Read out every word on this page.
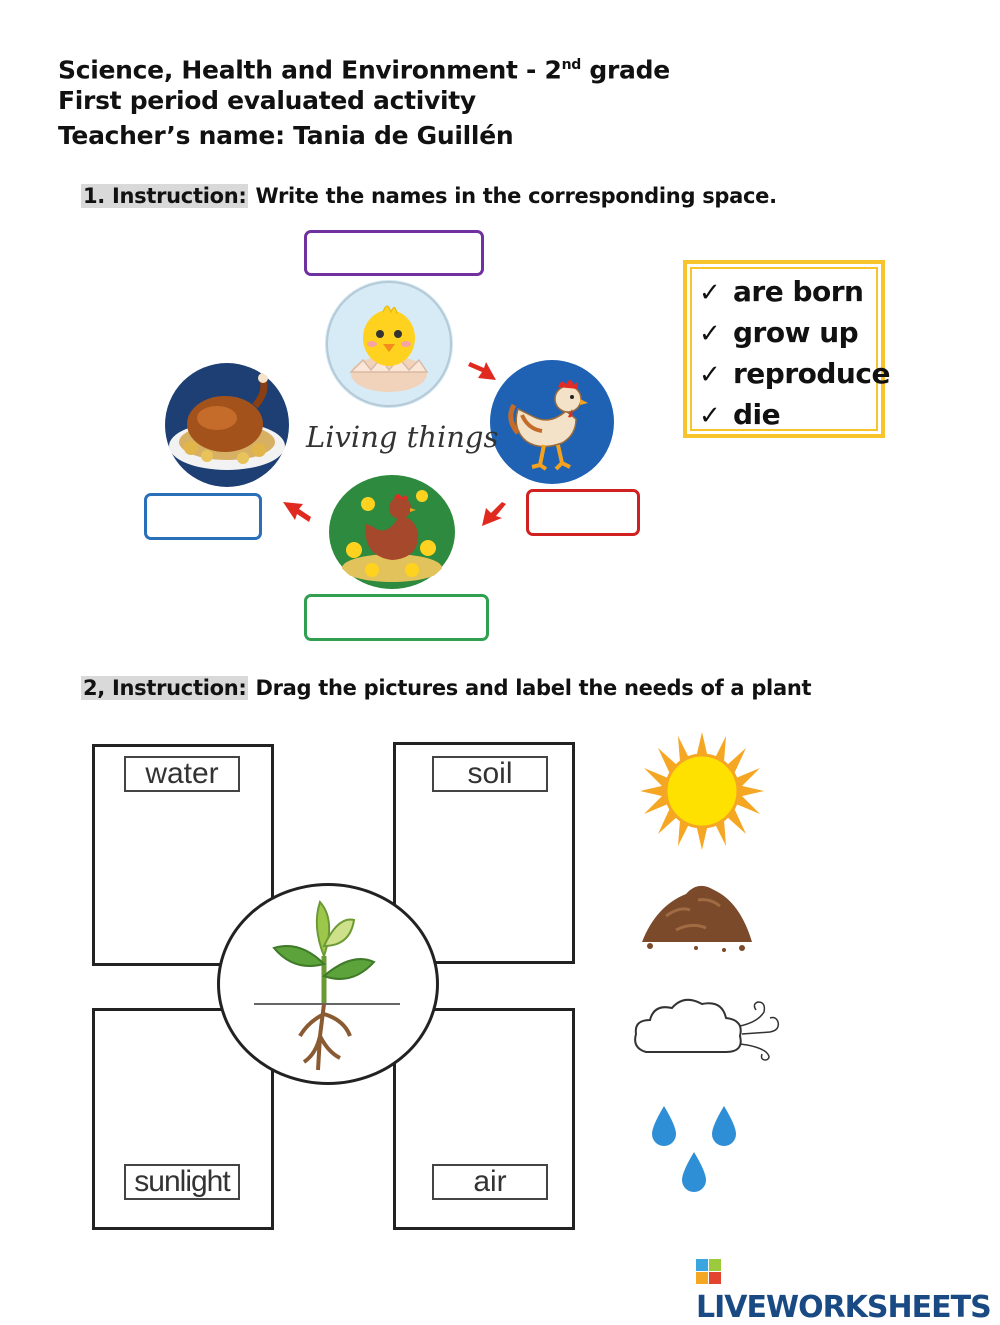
Science, Health and Environment - 2nd grade
First period evaluated activity
Teacher’s name: Tania de Guillén
1. Instruction: Write the names in the corresponding space.
Living things
✓ are born
✓ grow up
✓ reproduce
✓ die
2, Instruction: Drag the pictures and label the needs of a plant
water	soil
sunlight	air
LIVEWORKSHEETS
